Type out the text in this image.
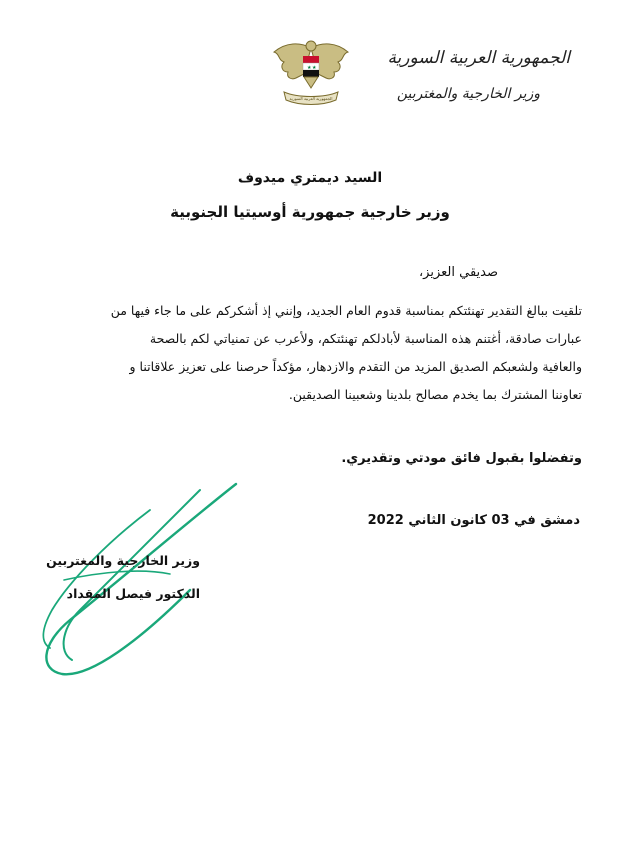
★ ★
الجمهورية العربية السورية
الجمهورية العربية السورية
وزير الخارجية والمغتربين
السيد ديمتري ميدوف
وزير خارجية جمهورية أوسيتيا الجنوبية
صديقي العزيز،
تلقيت ببالغ التقدير تهنئتكم بمناسبة قدوم العام الجديد، وإنني إذ أشكركم على ما جاء فيها من
عبارات صادقة، أغتنم هذه المناسبة لأبادلكم تهنئتكم، ولأعرب عن تمنياتي لكم بالصحة
والعافية ولشعبكم الصديق المزيد من التقدم والازدهار، مؤكداً حرصنا على تعزيز علاقاتنا و
تعاوننا المشترك بما يخدم مصالح بلدينا وشعبينا الصديقين.
وتفضلوا بقبول فائق مودتي وتقديري.
دمشق في 03 كانون الثاني 2022
وزير الخارجية والمغتربين
الدكتور فيصل المقداد
